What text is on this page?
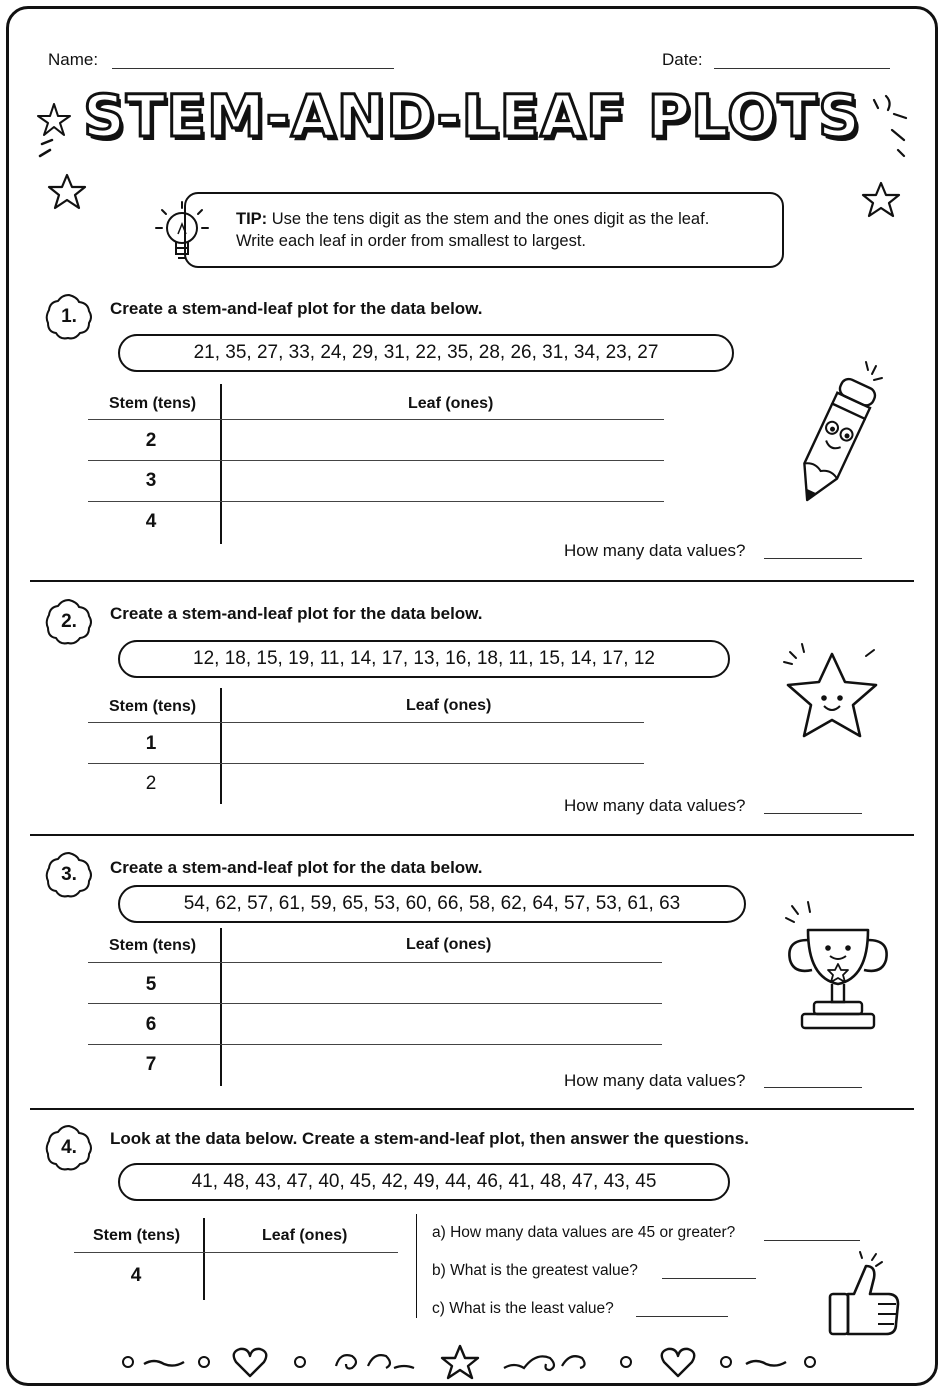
Name:	Date:
STEM-AND-LEAF PLOTS
TIP: Use the tens digit as the stem and the ones digit as the leaf.
Write each leaf in order from smallest to largest.
1.	Create a stem-and-leaf plot for the data below.
21, 35, 27, 33, 24, 29, 31, 22, 35, 28, 26, 31, 34, 23, 27
Stem (tens)	Leaf (ones)
2
3
4
How many data values?
2.	Create a stem-and-leaf plot for the data below.
12, 18, 15, 19, 11, 14, 17, 13, 16, 18, 11, 15, 14, 17, 12
Stem (tens)	Leaf (ones)
1
2
How many data values?
3.	Create a stem-and-leaf plot for the data below.
54, 62, 57, 61, 59, 65, 53, 60, 66, 58, 62, 64, 57, 53, 61, 63
Stem (tens)	Leaf (ones)
5
6
7
How many data values?
4.	Look at the data below. Create a stem-and-leaf plot, then answer the questions.
41, 48, 43, 47, 40, 45, 42, 49, 44, 46, 41, 48, 47, 43, 45
Stem (tens)	Leaf (ones)
4
a) How many data values are 45 or greater?
b) What is the greatest value?
c) What is the least value?
